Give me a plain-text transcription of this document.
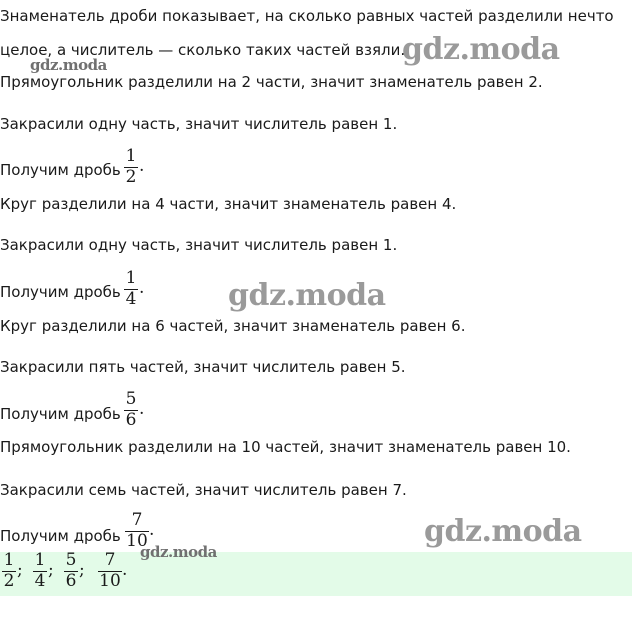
Знаменатель дроби показывает, на сколько равных частей разделили нечто
целое, а числитель — сколько таких частей взяли.
Прямоугольник разделили на 2 части, значит знаменатель равен 2.
Закрасили одну часть, значит числитель равен 1.
Получим дробь
Круг разделили на 4 части, значит знаменатель равен 4.
Закрасили одну часть, значит числитель равен 1.
Получим дробь
Круг разделили на 6 частей, значит знаменатель равен 6.
Закрасили пять частей, значит числитель равен 5.
Получим дробь
Прямоугольник разделили на 10 частей, значит знаменатель равен 10.
Закрасили семь частей, значит числитель равен 7.
Получим дробь
1
2
.
1
4
.
5
6
.
7
10
.
1
2
; 1
4
; 5
6
;	7
10
.
gdz.moda
gdz.moda
gdz.moda
gdz.moda
gdz.moda
